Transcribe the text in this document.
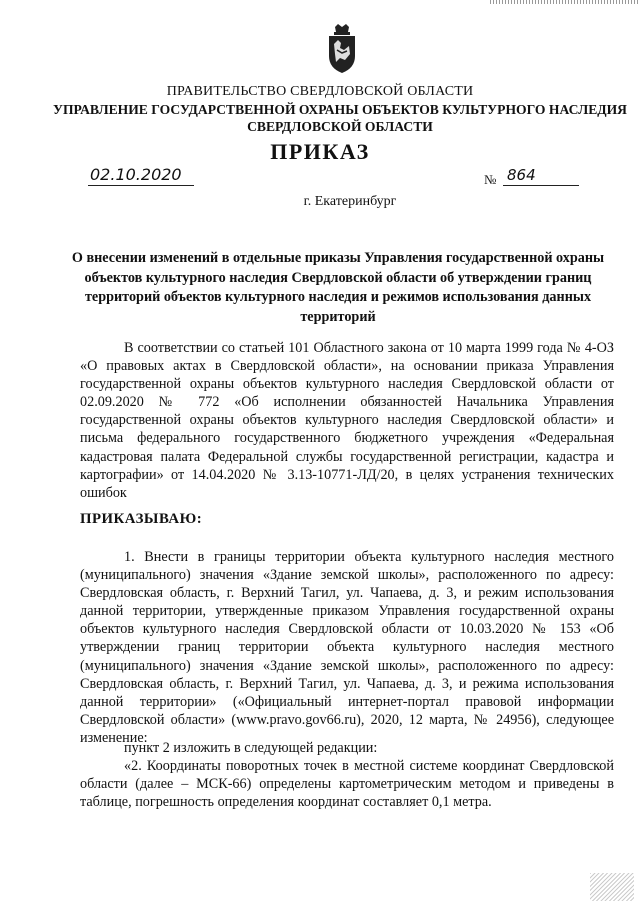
ПРАВИТЕЛЬСТВО СВЕРДЛОВСКОЙ ОБЛАСТИ
УПРАВЛЕНИЕ ГОСУДАРСТВЕННОЙ ОХРАНЫ ОБЪЕКТОВ КУЛЬТУРНОГО НАСЛЕДИЯ СВЕРДЛОВСКОЙ ОБЛАСТИ
ПРИКАЗ
02.10.2020	№ 864
г. Екатеринбург
О внесении изменений в отдельные приказы Управления государственной охраны объектов культурного наследия Свердловской области об утверждении границ территорий объектов культурного наследия и режимов использования данных территорий
В соответствии со статьей 101 Областного закона от 10 марта 1999 года № 4-ОЗ «О правовых актах в Свердловской области», на основании приказа Управления государственной охраны объектов культурного наследия Свердловской области от 02.09.2020 № 772 «Об исполнении обязанностей Начальника Управления государственной охраны объектов культурного наследия Свердловской области» и письма федерального государственного бюджетного учреждения «Федеральная кадастровая палата Федеральной службы государственной регистрации, кадастра и картографии» от 14.04.2020 № 3.13-10771-ЛД/20, в целях устранения технических ошибок
ПРИКАЗЫВАЮ:
1. Внести в границы территории объекта культурного наследия местного (муниципального) значения «Здание земской школы», расположенного по адресу: Свердловская область, г. Верхний Тагил, ул. Чапаева, д. 3, и режим использования данной территории, утвержденные приказом Управления государственной охраны объектов культурного наследия Свердловской области от 10.03.2020 № 153 «Об утверждении границ территории объекта культурного наследия местного (муниципального) значения «Здание земской школы», расположенного по адресу: Свердловская область, г. Верхний Тагил, ул. Чапаева, д. 3, и режима использования данной территории» («Официальный интернет-портал правовой информации Свердловской области» (www.pravo.gov66.ru), 2020, 12 марта, № 24956), следующее изменение:
пункт 2 изложить в следующей редакции:
«2. Координаты поворотных точек в местной системе координат Свердловской области (далее – МСК-66) определены картометрическим методом и приведены в таблице, погрешность определения координат составляет 0,1 метра.
